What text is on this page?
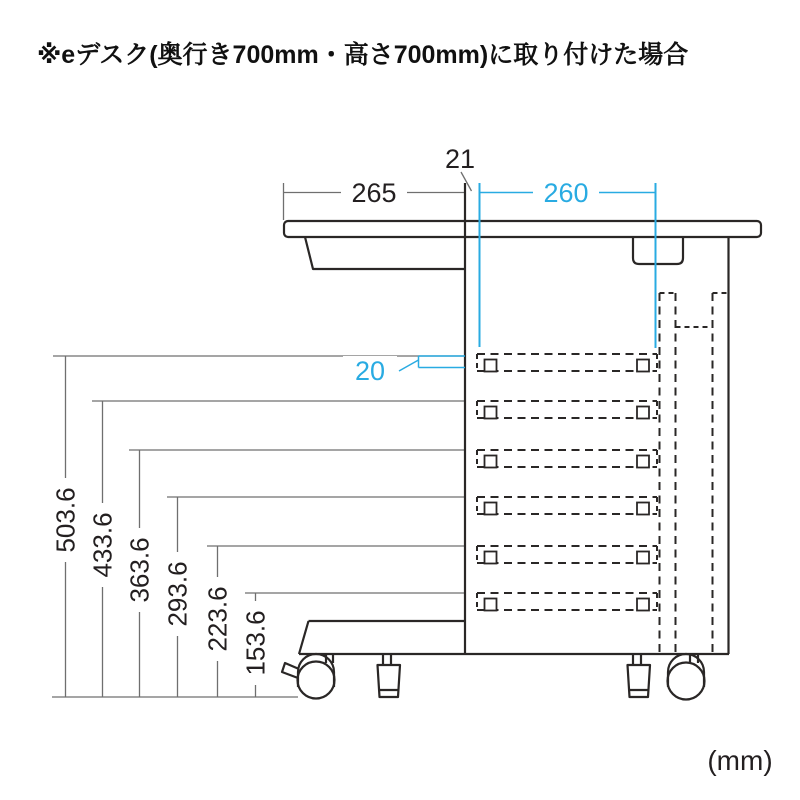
※eデスク(奥行き700mm・高さ700mm)に取り付けた場合
265
21
260
20
503.6 433.6 363.6 293.6 223.6 153.6
(mm)
